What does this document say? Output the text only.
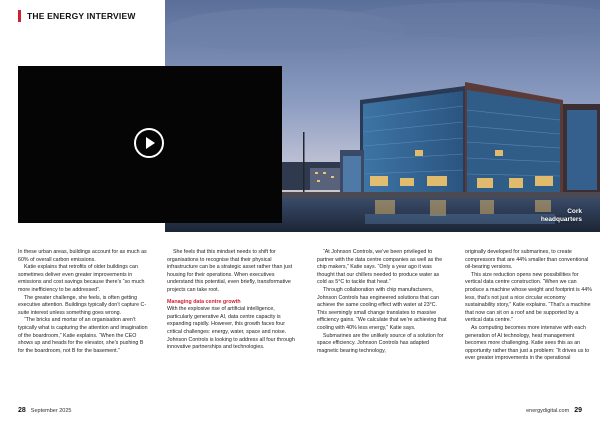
THE ENERGY INTERVIEW
Cork
headquarters

In these urban areas, buildings account for as much as 60% of overall carbon emissions.

Katie explains that retrofits of older buildings can sometimes deliver even greater improvements in emissions and cost savings because there’s “so much more inefficiency to be addressed”.

The greater challenge, she feels, is often getting executive attention. Buildings typically don’t capture C-suite interest unless something goes wrong.

“The bricks and mortar of an organisation aren’t typically what is capturing the attention and imagination of the boardroom,” Katie explains. “When the CEO shows up and heads for the elevator, she’s pushing B for the boardroom, not B for the basement.”

She feels that this mindset needs to shift for organisations to recognise that their physical infrastructure can be a strategic asset rather than just housing for their operations. When executives understand this potential, even briefly, transformative projects can take root.

Managing data centre growth

With the explosive rise of artificial intelligence, particularly generative AI, data centre capacity is expanding rapidly. However, this growth faces four critical challenges: energy, water, space and noise. Johnson Controls is looking to address all four through innovative partnerships and technologies.

“At Johnson Controls, we’ve been privileged to partner with the data centre companies as well as the chip makers,” Katie says. “Only a year ago it was thought that our chillers needed to produce water as cold as 5°C to tackle that heat.”

Through collaboration with chip manufacturers, Johnson Controls has engineered solutions that can achieve the same cooling effect with water at 23°C. This seemingly small change translates to massive efficiency gains. “We calculate that we’re achieving that cooling with 40% less energy,” Katie says.

Submarines are the unlikely source of a solution for space efficiency. Johnson Controls has adapted magnetic bearing technology,

originally developed for submarines, to create compressors that are 44% smaller than conventional oil-bearing versions.

This size reduction opens new possibilities for vertical data centre construction. “When we can produce a machine whose weight and footprint is 44% less, that’s not just a nice circular economy sustainability story,” Katie explains. “That’s a machine that now can sit on a roof and be supported by a vertical data centre.”

As computing becomes more intensive with each generation of AI technology, heat management becomes more challenging. Katie sees this as an opportunity rather than just a problem: “It drives us to ever greater improvements in the operational

28 September 2025	energydigital.com 29
